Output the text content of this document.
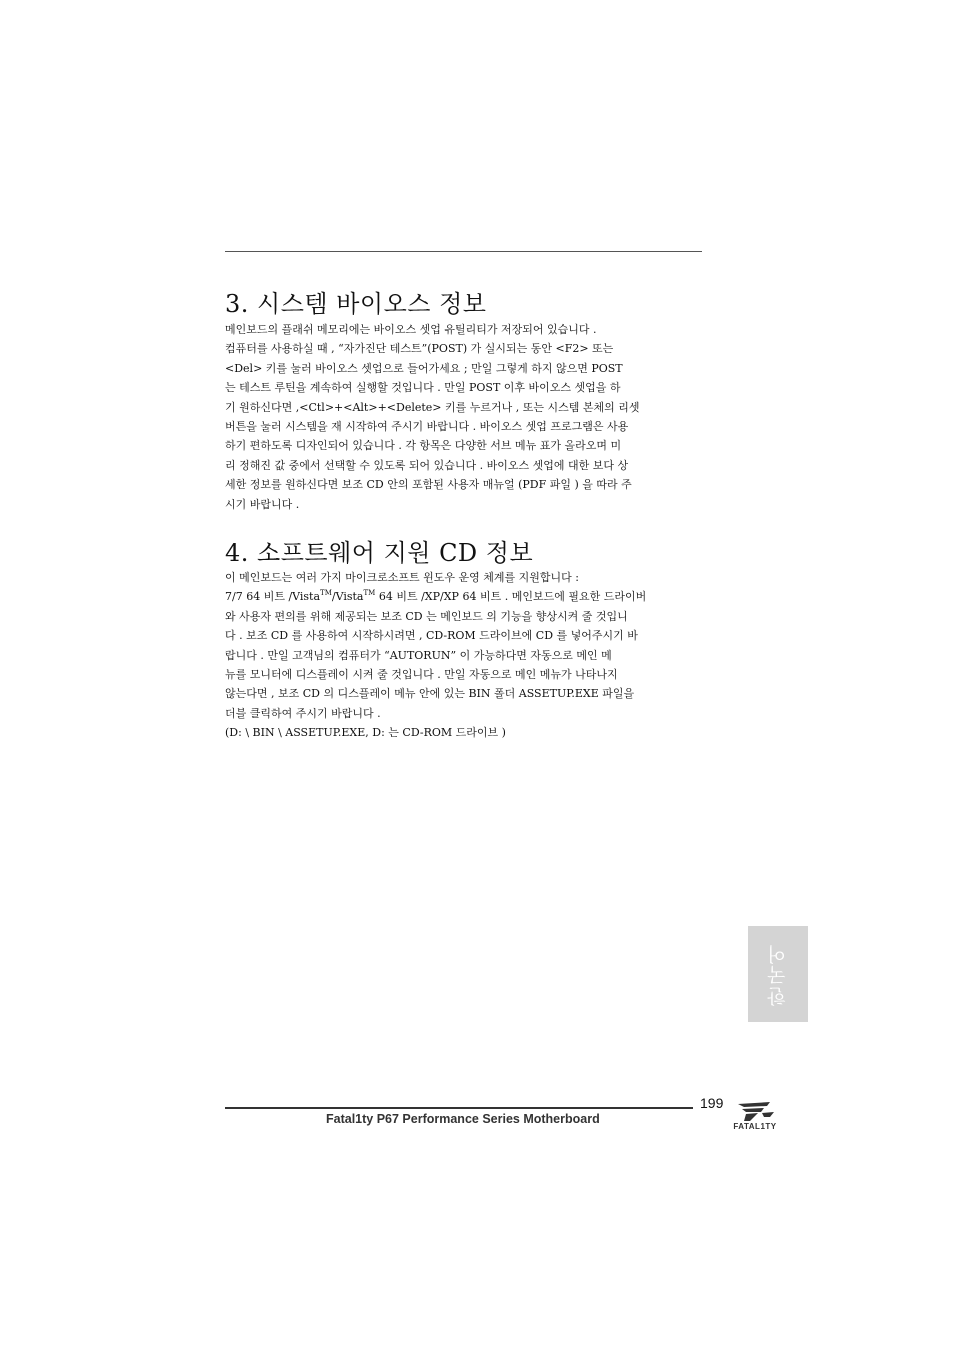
3. 시스템 바이오스 정보
메인보드의 플래쉬 메모리에는 바이오스 셋업 유틸리티가 저장되어 있습니다 .
컴퓨터를 사용하실 때 , “자가진단 테스트”(POST) 가 실시되는 동안 <F2> 또는
<Del> 키를 눌러 바이오스 셋업으로 들어가세요 ; 만일 그렇게 하지 않으면 POST
는 테스트 루틴을 계속하여 실행할 것입니다 . 만일 POST 이후 바이오스 셋업을 하
기 원하신다면 ,<Ctl>+<Alt>+<Delete> 키를 누르거나 , 또는 시스템 본체의 리셋
버튼을 눌러 시스템을 재 시작하여 주시기 바랍니다 . 바이오스 셋업 프로그램은 사용
하기 편하도록 디자인되어 있습니다 . 각 항목은 다양한 서브 메뉴 표가 올라오며 미
리 정해진 값 중에서 선택할 수 있도록 되어 있습니다 . 바이오스 셋업에 대한 보다 상
세한 정보를 원하신다면 보조 CD 안의 포함된 사용자 매뉴얼 (PDF 파일 ) 을 따라 주
시기 바랍니다 .
4. 소프트웨어 지원 CD 정보
이 메인보드는 여러 가지 마이크로소프트 윈도우 운영 체계를 지원합니다 :
7/7 64 비트 /Vista™/Vista™ 64 비트 /XP/XP 64 비트 . 메인보드에 필요한 드라이버
와 사용자 편의를 위해 제공되는 보조 CD 는 메인보드 의 기능을 향상시켜 줄 것입니
다 . 보조 CD 를 사용하여 시작하시려면 , CD-ROM 드라이브에 CD 를 넣어주시기 바
랍니다 . 만일 고객님의 컴퓨터가 “AUTORUN” 이 가능하다면 자동으로 메인 메
뉴를 모니터에 디스플레이 시켜 줄 것입니다 . 만일 자동으로 메인 메뉴가 나타나지
않는다면 , 보조 CD 의 디스플레이 메뉴 안에 있는 BIN 폴더 ASSETUP.EXE 파일을
더블 클릭하여 주시기 바랍니다 .
(D: \ BIN \ ASSETUP.EXE, D: 는 CD-ROM 드라이브 )
한국어
199
Fatal1ty P67 Performance Series Motherboard
FATAL1TY
